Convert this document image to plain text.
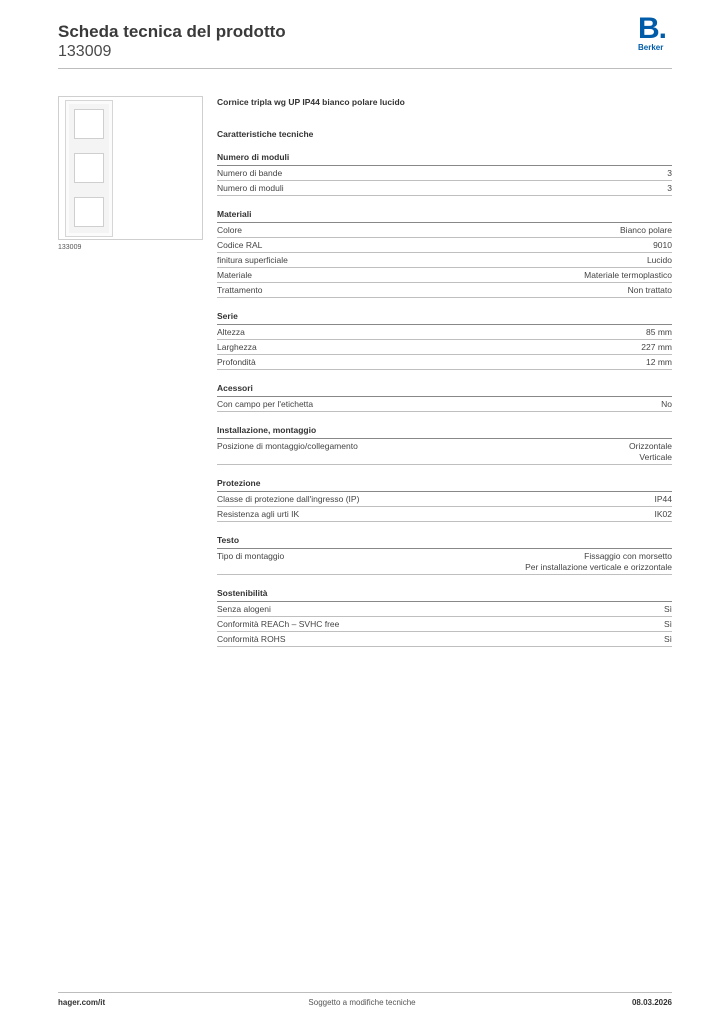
Scheda tecnica del prodotto
133009
B.
Berker
133009
Cornice tripla wg UP IP44 bianco polare lucido
Caratteristiche tecniche
Numero di moduli
Numero di bande	3
Numero di moduli	3
Materiali
Colore	Bianco polare
Codice RAL	9010
finitura superficiale	Lucido
Materiale	Materiale termoplastico
Trattamento	Non trattato
Serie
Altezza	85 mm
Larghezza	227 mm
Profondità	12 mm
Acessori
Con campo per l'etichetta	No
Installazione, montaggio
Posizione di montaggio/collegamento	Orizzontale
Verticale
Protezione
Classe di protezione dall'ingresso (IP)	IP44
Resistenza agli urti IK	IK02
Testo
Tipo di montaggio	Fissaggio con morsetto
Per installazione verticale e orizzontale
Sostenibilità
Senza alogeni	Sì
Conformità REACh – SVHC free	Sì
Conformità ROHS	Sì
hager.com/it	Soggetto a modifiche tecniche	08.03.2026
